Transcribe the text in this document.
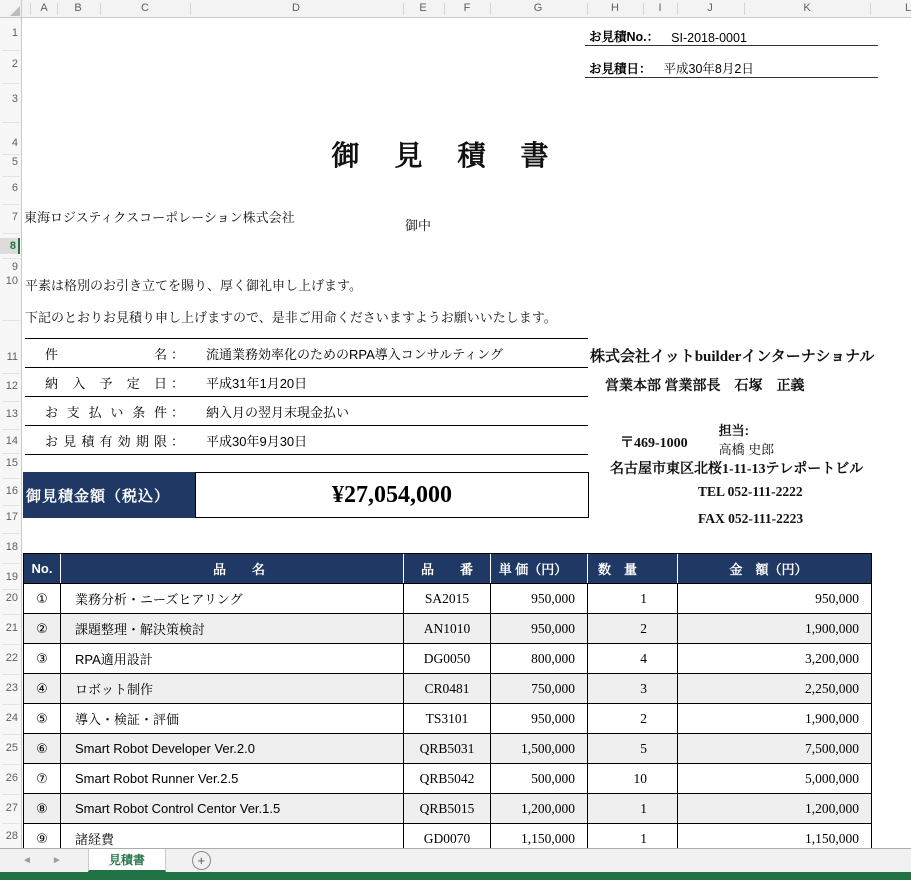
A	B	C	D	E	F	G	H	I	J	K	L
1
2
3
4
5
6
7
8
9
10
11
12
13
14
15
16
17
18
19
20
21
22
23
24
25
26
27
28
お見積No.： SI-2018-0001
お見積日： 平成30年8月2日
御 見 積 書
東海ロジスティクスコーポレーション株式会社
御中
平素は格別のお引き立てを賜り、厚く御礼申し上げます。
下記のとおりお見積り申し上げますので、是非ご用命くださいますようお願いいたします。
件名 ： 流通業務効率化のためのRPA導入コンサルティング
納入予定日 ： 平成31年1月20日
お支払い条件 ： 納入月の翌月末現金払い
お見積有効期限 ： 平成30年9月30日
株式会社イットbuilderインターナショナル
営業本部 営業部長　石塚　正義

担当:
高橋 史郎

〒469-1000
名古屋市東区北桜1-11-13テレポートビル
TEL 052-111-2222
FAX 052-111-2223
御見積金額（税込）	¥27,054,000
No.	品　　名	品　　番	単 価（円）	数　量	金　額（円）
①	業務分析・ニーズヒアリング	SA2015	950,000	1	950,000
②	課題整理・解決策検討	AN1010	950,000	2	1,900,000
③	RPA適用設計	DG0050	800,000	4	3,200,000
④	ロボット制作	CR0481	750,000	3	2,250,000
⑤	導入・検証・評価	TS3101	950,000	2	1,900,000
⑥	Smart Robot Developer Ver.2.0	QRB5031	1,500,000	5	7,500,000
⑦	Smart Robot Runner Ver.2.5	QRB5042	500,000	10	5,000,000
⑧	Smart Robot Control Centor Ver.1.5	QRB5015	1,200,000	1	1,200,000
⑨	諸経費	GD0070	1,150,000	1	1,150,000
◄ ►	見積書	+
